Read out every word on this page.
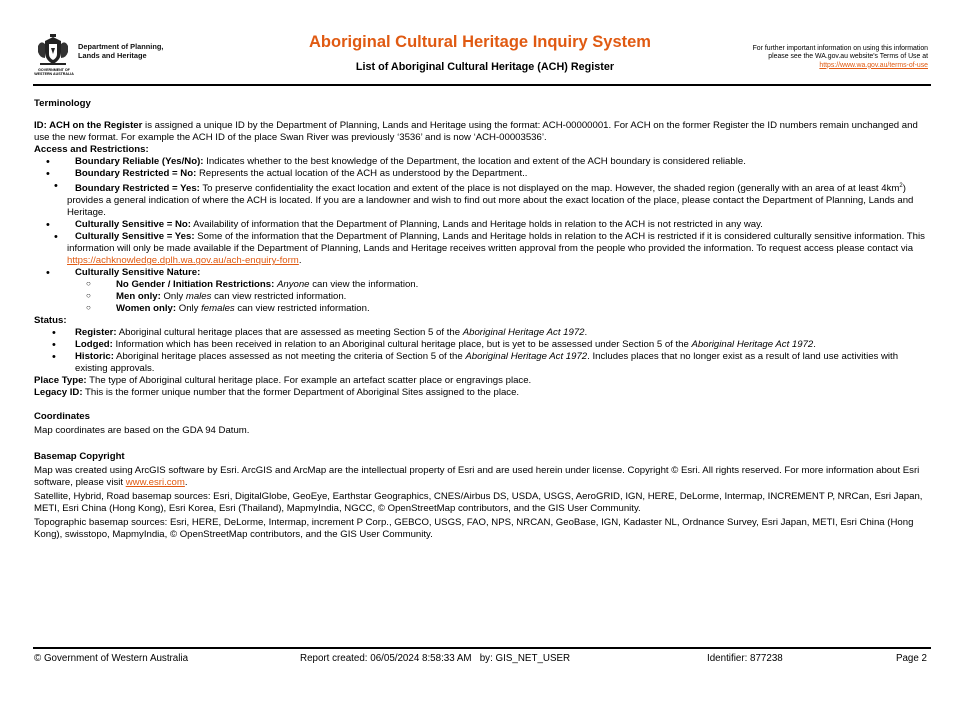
GOVERNMENT OF
WESTERN AUSTRALIA
Department of Planning,
Lands and Heritage
Aboriginal Cultural Heritage Inquiry System
List of Aboriginal Cultural Heritage (ACH) Register
For further important information on using this information
please see the WA.gov.au website's Terms of Use at
https://www.wa.gov.au/terms-of-use

Terminology

ID: ACH on the Register is assigned a unique ID by the Department of Planning, Lands and Heritage using the format: ACH-00000001. For ACH on the former Register the ID numbers remain unchanged and use the new format. For example the ACH ID of the place Swan River was previously ‘3536’ and is now ‘ACH-00003536’.

Access and Restrictions:

• Boundary Reliable (Yes/No): Indicates whether to the best knowledge of the Department, the location and extent of the ACH boundary is considered reliable.

• Boundary Restricted = No: Represents the actual location of the ACH as understood by the Department..

• Boundary Restricted = Yes: To preserve confidentiality the exact location and extent of the place is not displayed on the map. However, the shaded region (generally with an area of at least $4km^2$) provides a general indication of where the ACH is located. If you are a landowner and wish to find out more about the exact location of the place, please contact the Department of Planning, Lands and Heritage.

• Culturally Sensitive = No: Availability of information that the Department of Planning, Lands and Heritage holds in relation to the ACH is not restricted in any way.

• Culturally Sensitive = Yes: Some of the information that the Department of Planning, Lands and Heritage holds in relation to the ACH is restricted if it is considered culturally sensitive information. This information will only be made available if the Department of Planning, Lands and Heritage receives written approval from the people who provided the information. To request access please contact via https://achknowledge.dplh.wa.gov.au/ach-enquiry-form.

• Culturally Sensitive Nature:

○ No Gender / Initiation Restrictions: Anyone can view the information.

○ Men only: Only males can view restricted information.

○ Women only: Only females can view restricted information.

Status:

• Register: Aboriginal cultural heritage places that are assessed as meeting Section 5 of the Aboriginal Heritage Act 1972.

• Lodged: Information which has been received in relation to an Aboriginal cultural heritage place, but is yet to be assessed under Section 5 of the Aboriginal Heritage Act 1972.

• Historic: Aboriginal heritage places assessed as not meeting the criteria of Section 5 of the Aboriginal Heritage Act 1972. Includes places that no longer exist as a result of land use activities with existing approvals.

Place Type: The type of Aboriginal cultural heritage place. For example an artefact scatter place or engravings place.

Legacy ID: This is the former unique number that the former Department of Aboriginal Sites assigned to the place.

Coordinates

Map coordinates are based on the GDA 94 Datum.

Basemap Copyright

Map was created using ArcGIS software by Esri. ArcGIS and ArcMap are the intellectual property of Esri and are used herein under license. Copyright © Esri. All rights reserved. For more information about Esri software, please visit www.esri.com.

Satellite, Hybrid, Road basemap sources: Esri, DigitalGlobe, GeoEye, Earthstar Geographics, CNES/Airbus DS, USDA, USGS, AeroGRID, IGN, HERE, DeLorme, Intermap, INCREMENT P, NRCan, Esri Japan, METI, Esri China (Hong Kong), Esri Korea, Esri (Thailand), MapmyIndia, NGCC, © OpenStreetMap contributors, and the GIS User Community.

Topographic basemap sources: Esri, HERE, DeLorme, Intermap, increment P Corp., GEBCO, USGS, FAO, NPS, NRCAN, GeoBase, IGN, Kadaster NL, Ordnance Survey, Esri Japan, METI, Esri China (Hong Kong), swisstopo, MapmyIndia, © OpenStreetMap contributors, and the GIS User Community.

© Government of Western Australia	Report created: 06/05/2024 8:58:33 AM   by: GIS_NET_USER	Identifier: 877238	Page 2
